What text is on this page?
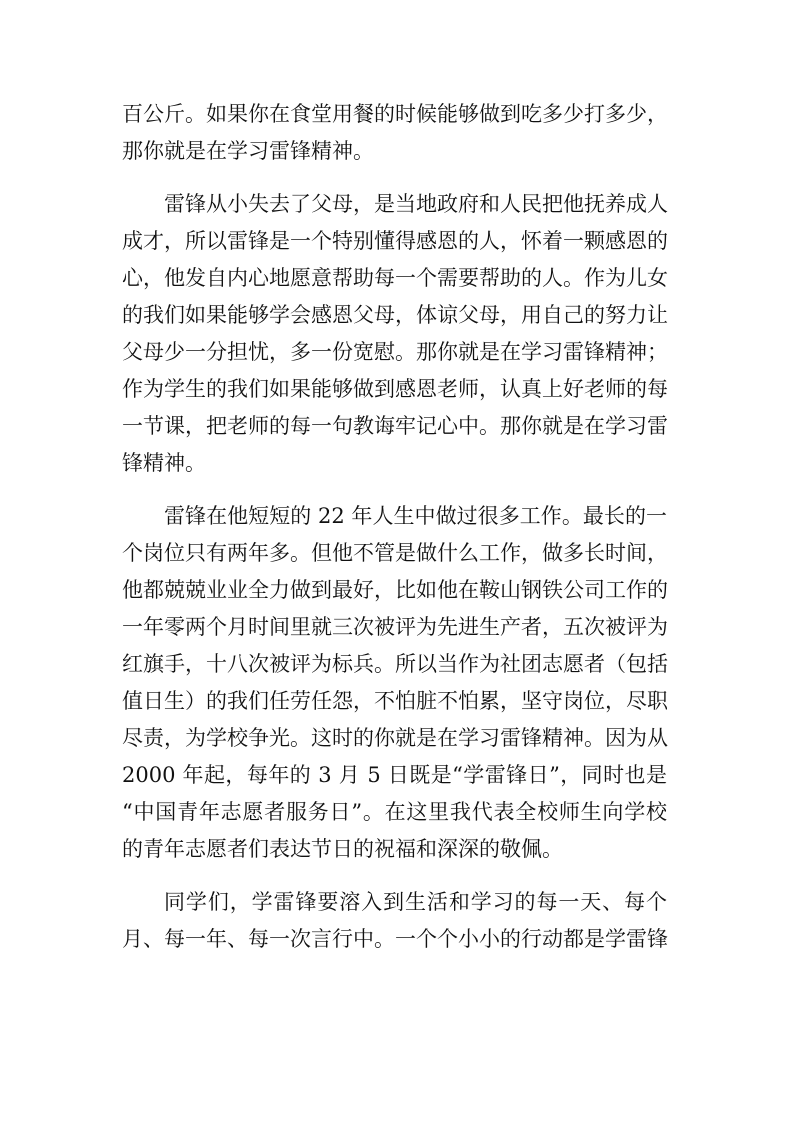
百公斤。如果你在食堂用餐的时候能够做到吃多少打多少，
那你就是在学习雷锋精神。
雷锋从小失去了父母，是当地政府和人民把他抚养成人
成才，所以雷锋是一个特别懂得感恩的人，怀着一颗感恩的
心，他发自内心地愿意帮助每一个需要帮助的人。作为儿女
的我们如果能够学会感恩父母，体谅父母，用自己的努力让
父母少一分担忧，多一份宽慰。那你就是在学习雷锋精神；
作为学生的我们如果能够做到感恩老师，认真上好老师的每
一节课，把老师的每一句教诲牢记心中。那你就是在学习雷
锋精神。
雷锋在他短短的 22 年人生中做过很多工作。最长的一
个岗位只有两年多。但他不管是做什么工作，做多长时间，
他都兢兢业业全力做到最好，比如他在鞍山钢铁公司工作的
一年零两个月时间里就三次被评为先进生产者，五次被评为
红旗手，十八次被评为标兵。所以当作为社团志愿者（包括
值日生）的我们任劳任怨，不怕脏不怕累，坚守岗位，尽职
尽责，为学校争光。这时的你就是在学习雷锋精神。因为从
2000 年起，每年的 3 月 5 日既是“学雷锋日”，同时也是
“中国青年志愿者服务日”。在这里我代表全校师生向学校
的青年志愿者们表达节日的祝福和深深的敬佩。
同学们，学雷锋要溶入到生活和学习的每一天、每个
月、每一年、每一次言行中。一个个小小的行动都是学雷锋
